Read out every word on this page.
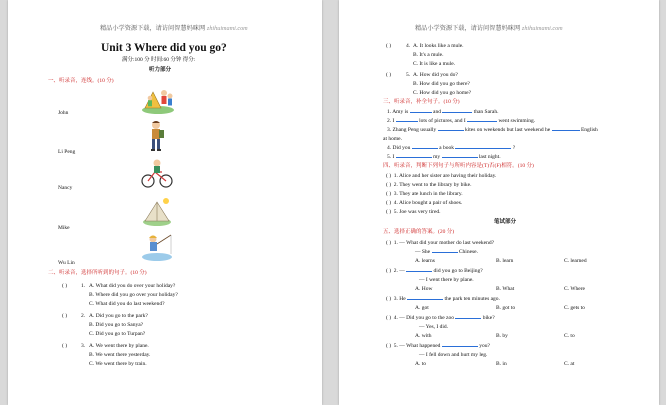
精品小学资源下载，请访问智慧妈咪网 zhihuimami.com
Unit 3 Where did you go?
满分:100 分 时间:60 分钟 得分:
听力部分
一、听录音，连线。(10 分)
John
Li Peng
Nancy
Mike
Wu Lin
二、听录音，选择所听到的句子。(10 分)
( )	1. A. What did you do over your holiday?
B. Where did you go over your holiday?
C. What did you do last weekend?
( )	2. A. Did you go to the park?
B. Did you go to Sanya?
C. Did you go to Turpan?
( )	3. A. We went there by plane.
B. We went there yesterday.
C. We went there by train.
精品小学资源下载，请访问智慧妈咪网 zhihuimami.com
( )	4. A. It looks like a mule.
B. It's a mule.
C. It is like a mule.
( )	5. A. How did you do?
B. How did you go there?
C. How did you go home?
三、听录音，补全句子。(10 分)
1. Amy is	and	than Sarah.
2. I	lots of pictures, and I	went swimming.
3. Zhang Peng usually	kites on weekends but last weekend he	English
at home.
4. Did you	a book	?
5. I	my	last night.
四、听录音，判断下列句子与所听内容是(T)否(F)相符。(10 分)
( ) 1. Alice and her sister are having their holiday.
( ) 2. They went to the library by bike.
( ) 3. They ate lunch in the library.
( ) 4. Alice bought a pair of shoes.
( ) 5. Joe was very tired.
笔试部分
五、选择正确的答案。(20 分)
( ) 1. — What did your mother do last weekend?
— She	Chinese.
A. learns	B. learn	C. learned
( ) 2. —	did you go to Beijing?
— I went there by plane.
A. How	B. What	C. Where
( ) 3. He	the park ten minutes ago.
A. got	B. got to	C. gets to
( ) 4. — Did you go to the zoo	bike?
— Yes, I did.
A. with	B. by	C. to
( ) 5. — What happened	you?
— I fell down and hurt my leg.
A. to	B. in	C. at
